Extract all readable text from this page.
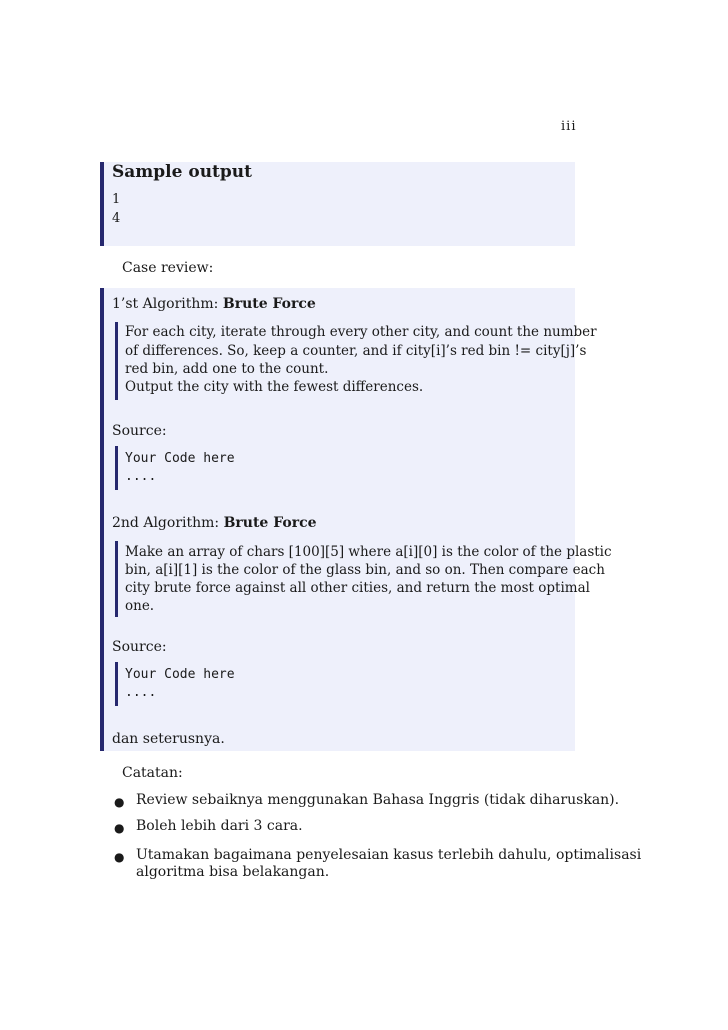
iii
Sample output
1
4
Case review:
1’st Algorithm: Brute Force
For each city, iterate through every other city, and count the number
of differences. So, keep a counter, and if city[i]’s red bin != city[j]’s
red bin, add one to the count.
Output the city with the fewest differences.
Source:
Your Code here
....
2nd Algorithm: Brute Force
Make an array of chars [100][5] where a[i][0] is the color of the plastic
bin, a[i][1] is the color of the glass bin, and so on. Then compare each
city brute force against all other cities, and return the most optimal
one.
Source:
Your Code here
....
dan seterusnya.
Catatan:
● Review sebaiknya menggunakan Bahasa Inggris (tidak diharuskan).
● Boleh lebih dari 3 cara.
● Utamakan bagaimana penyelesaian kasus terlebih dahulu, optimalisasi
algoritma bisa belakangan.
